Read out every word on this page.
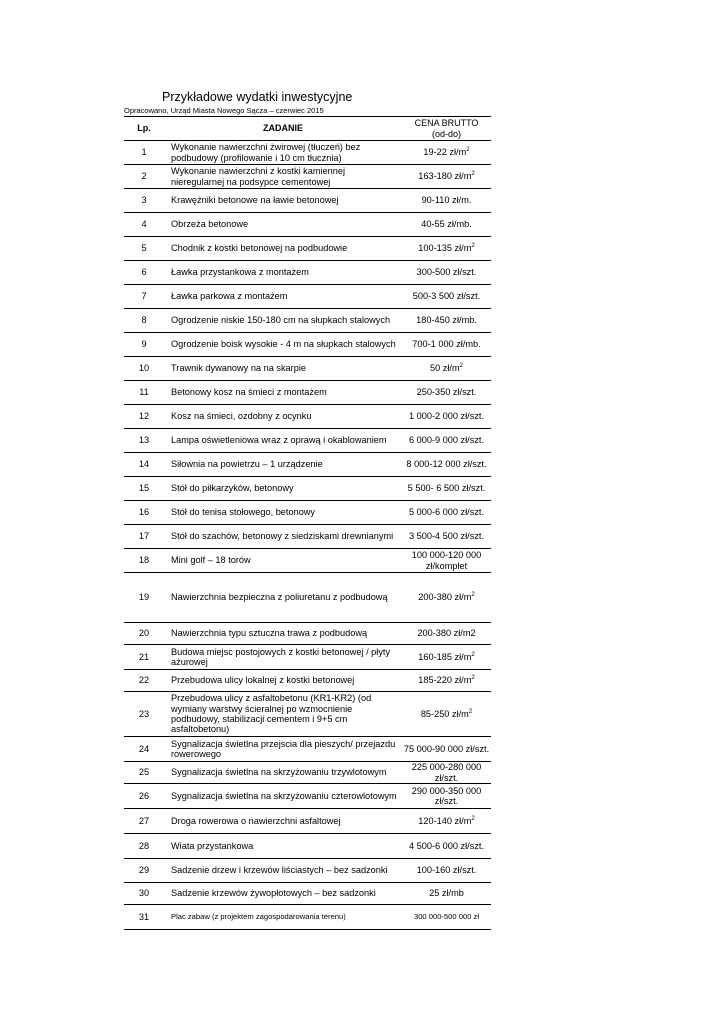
Przykładowe wydatki inwestycyjne
Opracowano, Urząd Miasta Nowego Sącza – czerwiec 2015
Lp.	ZADANIE	CENA BRUTTO
(od-do)
1	Wykonanie nawierzchni żwirowej (tłuczeń) bez podbudowy (profilowanie i 10 cm tłucznia)	19-22 $zł/m^2$
2	Wykonanie nawierzchni z kostki kamiennej nieregularnej na podsypce cementowej	163-180 $zł/m^2$
3	Krawężniki betonowe na ławie betonowej	90-110 zł/m.
4	Obrzeża betonowe	40-55 zł/mb.
5	Chodnik z kostki betonowej na podbudowie	100-135 $zł/m^2$
6	Ławka przystankowa z montażem	300-500 zł/szt.
7	Ławka parkowa z montażem	500-3 500 zł/szt.
8	Ogrodzenie niskie 150-180 cm na słupkach stalowych	180-450 zł/mb.
9	Ogrodzenie boisk wysokie - 4 m na słupkach stalowych	700-1 000 zł/mb.
10	Trawnik dywanowy na na skarpie	50 $zł/m^2$
11	Betonowy kosz na śmieci z montażem	250-350 zł/szt.
12	Kosz na śmieci, ozdobny z ocynku	1 000-2 000 zł/szt.
13	Lampa oświetleniowa wraz z oprawą i okablowaniem	6 000-9 000 zł/szt.
14	Siłownia na powietrzu – 1 urządzenie	8 000-12 000 zł/szt.
15	Stół do piłkarzyków, betonowy	5 500- 6 500 zł/szt.
16	Stół do tenisa stołowego, betonowy	5 000-6 000 zł/szt.
17	Stół do szachów, betonowy z siedziskami drewnianymi	3 500-4 500 zł/szt.
18	Mini golf – 18 torów	100 000-120 000 zł/komplet
19	Nawierzchnia bezpieczna z poliuretanu z podbudową	200-380 $zł/m^2$
20	Nawierzchnia typu sztuczna trawa z podbudową	200-380 zł/m2
21	Budowa miejsc postojowych z kostki betonowej / płyty ażurowej	160-185 $zł/m^2$
22	Przebudowa ulicy lokalnej z kostki betonowej	185-220 $zł/m^2$
23	Przebudowa ulicy z asfaltobetonu (KR1-KR2) (od wymiany warstwy ścieralnej po wzmocnienie podbudowy, stabilizacji cementem i 9+5 cm asfaltobetonu)	85-250 $zł/m^2$
24	Sygnalizacja świetlna przejscia dla pieszych/ przejazdu rowerowego	75 000-90 000 zł/szt.
25	Sygnalizacja świetlna na skrzyżowaniu trzywlotowym	225 000-280 000 zł/szt.
26	Sygnalizacja świetlna na skrzyżowaniu czterowlotowym	290 000-350 000 zł/szt.
27	Droga rowerowa o nawierzchni asfaltowej	120-140 $zł/m^2$
28	Wiata przystankowa	4 500-6 000 zł/szt.
29	Sadzenie drzew i krzewów liściastych – bez sadzonki	100-160 zł/szt.
30	Sadzenie krzewów żywopłotowych – bez sadzonki	25 zł/mb
31	Plac zabaw (z projektem zagospodarowania terenu)	300 000-500 000 zł
